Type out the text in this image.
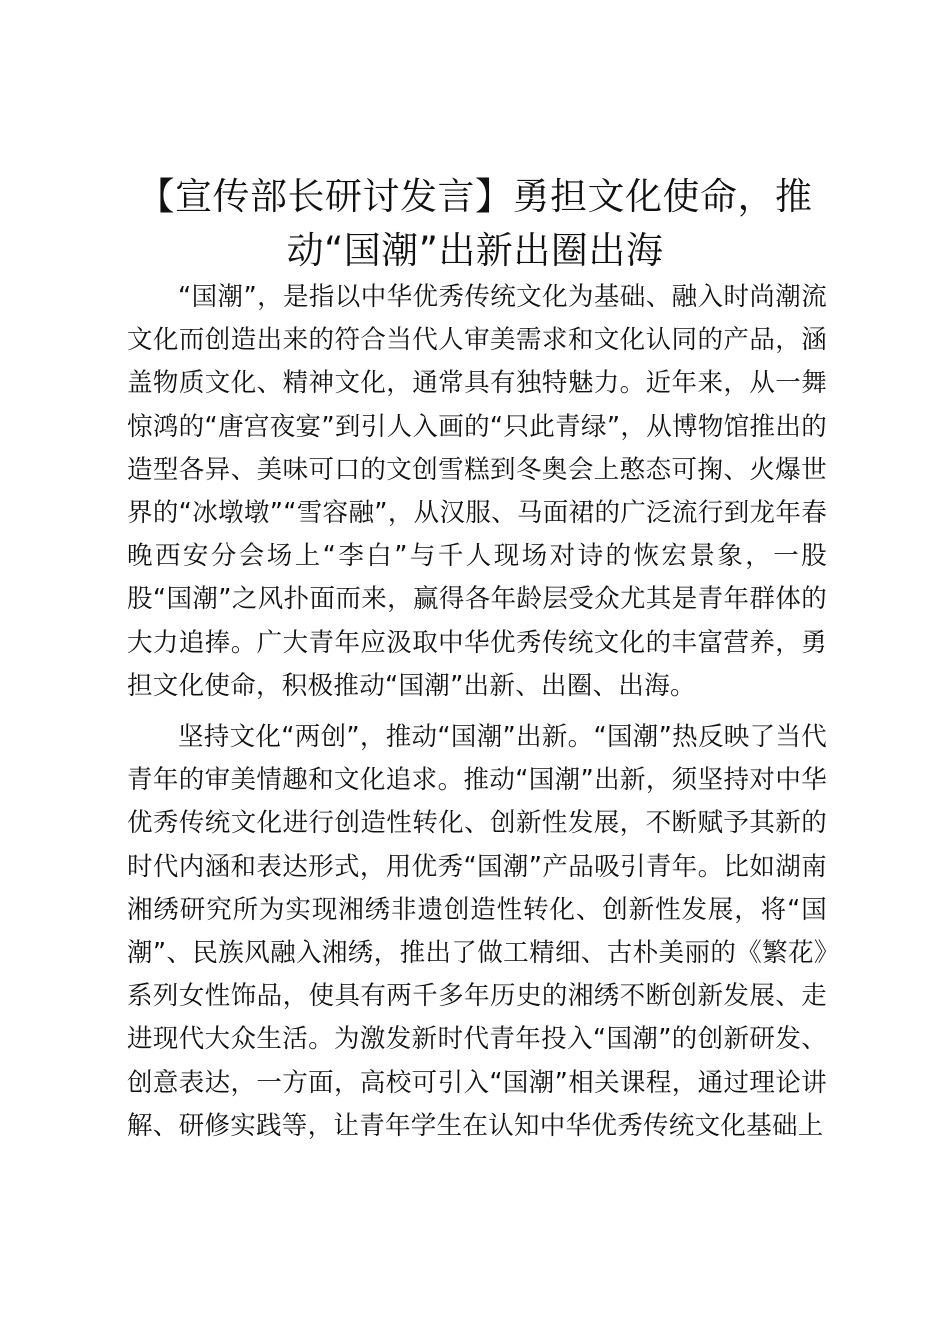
【宣传部长研讨发言】勇担文化使命，推动“国潮”出新出圈出海

“国潮”，是指以中华优秀传统文化为基础、融入时尚潮流文化而创造出来的符合当代人审美需求和文化认同的产品，涵盖物质文化、精神文化，通常具有独特魅力。近年来，从一舞惊鸿的“唐宫夜宴”到引人入画的“只此青绿”，从博物馆推出的造型各异、美味可口的文创雪糕到冬奥会上憨态可掬、火爆世界的“冰墩墩”“雪容融”，从汉服、马面裙的广泛流行到龙年春晚西安分会场上“李白”与千人现场对诗的恢宏景象，一股股“国潮”之风扑面而来，赢得各年龄层受众尤其是青年群体的大力追捧。广大青年应汲取中华优秀传统文化的丰富营养，勇担文化使命，积极推动“国潮”出新、出圈、出海。

坚持文化“两创”，推动“国潮”出新。“国潮”热反映了当代青年的审美情趣和文化追求。推动“国潮”出新，须坚持对中华优秀传统文化进行创造性转化、创新性发展，不断赋予其新的时代内涵和表达形式，用优秀“国潮”产品吸引青年。比如湖南湘绣研究所为实现湘绣非遗创造性转化、创新性发展，将“国潮”、民族风融入湘绣，推出了做工精细、古朴美丽的《繁花》系列女性饰品，使具有两千多年历史的湘绣不断创新发展、走进现代大众生活。为激发新时代青年投入“国潮”的创新研发、创意表达，一方面，高校可引入“国潮”相关课程，通过理论讲解、研修实践等，让青年学生在认知中华优秀传统文化基础上
